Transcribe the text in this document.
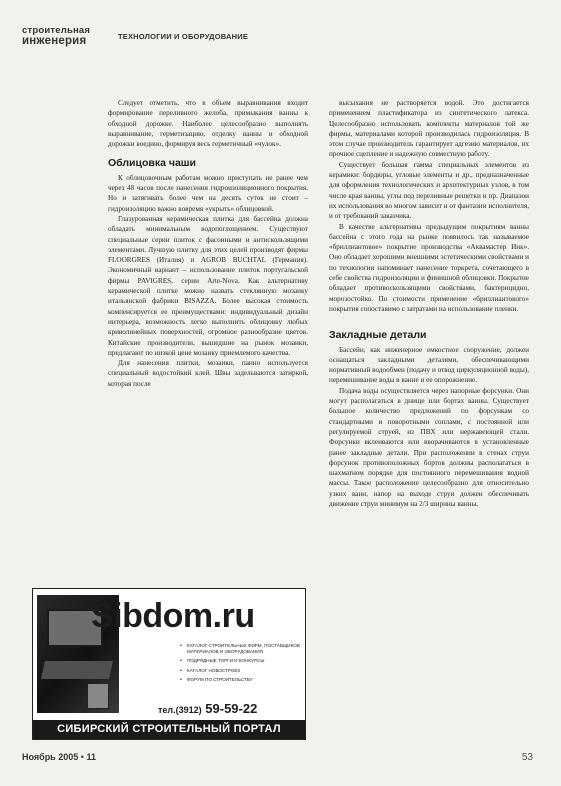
строительная
инженерия	ТЕХНОЛОГИИ И ОБОРУДОВАНИЕ

Следует отметить, что в объем выравнивания входит формирование переливного желоба, примыкания ванны к обходной дорожке. Наиболее целесообразно выполнять выравнивание, герметизацию, отделку ванны и обходной дорожки воедино, формируя весь герметичный «чулок».

Облицовка чаши

К облицовочным работам можно приступать не ранее чем через 48 часов после нанесения гидроизоляционного покрытия. Но и затягивать более чем на десять суток не стоит – гидроизоляцию важно вовремя «укрыть» облицовкой.

Глазурованная керамическая плитка для бассейна должна обладать минимальным водопоглощением. Существуют специальные серии плиток с фасонными и антискользящими элементами. Лучшую плитку для этих целей производят фирмы FLOORGRES (Италия) и AGROB BUCHTAL (Германия). Экономичный вариант – использование плиток португальской фирмы PAVIGRES, серии Arte-Nova. Как альтернативу керамической плитке можно назвать стеклянную мозаику итальянской фабрики BISAZZA. Более высокая стоимость компенсируется ее преимуществами: индивидуальный дизайн интерьера, возможность легко выполнить облицовку любых криволинейных поверхностей, огромное разнообразие цветов. Китайские производители, вышедшие на рынок мозаики, предлагают по низкой цене мозаику приемлемого качества.

Для нанесения плитки, мозаики, панно используется специальный водостойкий клей. Швы задельваются затиркой, которая после

высыхания не растворяется водой. Это достигается применением пластификатора из синтетического латекса. Целесообразно использовать комплекты материалов той же фирмы, материалами которой производилась гидроизоляция. В этом случае производитель гарантирует адгезию материалов, их прочное сцепление и надежную совместную работу.

Существует большая гамма специальных элементов из керамики: бордюры, угловые элементы и др., предназначенные для оформления технологических и архитектурных узлов, в том числе края ванны, углы под переливные решетки и пр. Диапазон их использования во многом зависит и от фантазии исполнителя, и от требований заказчика.

В качестве альтернативы предыдущим покрытиям ванны бассейна с этого года на рынке появилось так называемое «бриллиантовое» покрытие производства «Аквамастер Инк». Оно обладает хорошими внешними эстетическими свойствами и по технологии напоминает нанесение торкрета, сочетающего в себе свойства гидроизоляции и финишной облицовки. Покрытие обладает противоскользящими свойствами, бактерицидно, морозостойко. По стоимости применение «бриллиантового» покрытия сопоставимо с затратами на использование пленки.

Закладные детали

Бассейн, как инженерное емкостное сооружение, должен оснащаться закладными деталями, обеспечивающими нормативный водообмен (подачу и отвод циркуляционной воды), перемешивание воды в ванне и ее опорожнение.

Подача воды осуществляется через напорные форсунки. Они могут располагаться в днище или бортах ванны. Существует большое количество предложений по форсункам со стандартными и поворотными соплами, с постоянной или регулируемой струей, из ПВХ или нержавеющей стали. Форсунки вклеиваются или вворачиваются в установленные ранее закладные детали. При расположении в стенах струи форсунок противоположных бортов должны располагаться в шахматном порядке для постоянного перемешивания водной массы. Такое расположение целесообразно для относительно узких ванн, напор на выходе струи должен обеспечивать движение струи минимум на 2/3 ширины ванны.

Sibdom.ru
• КАТАЛОГ СТРОИТЕЛЬНЫХ ФИРМ, ПОСТАВЩИКОВ МАТЕРИАЛОВ И ОБОРУДОВАНИЯ
• ПОДРЯДНЫЕ ТОРГИ И КОНКУРСЫ
• КАТАЛОГ НОВОСТРОЕК
• ФОРУМ ПО СТРОИТЕЛЬСТВУ
тел.(3912) 59-59-22
СИБИРСКИЙ СТРОИТЕЛЬНЫЙ ПОРТАЛ
Ноябрь 2005 • 11	53
